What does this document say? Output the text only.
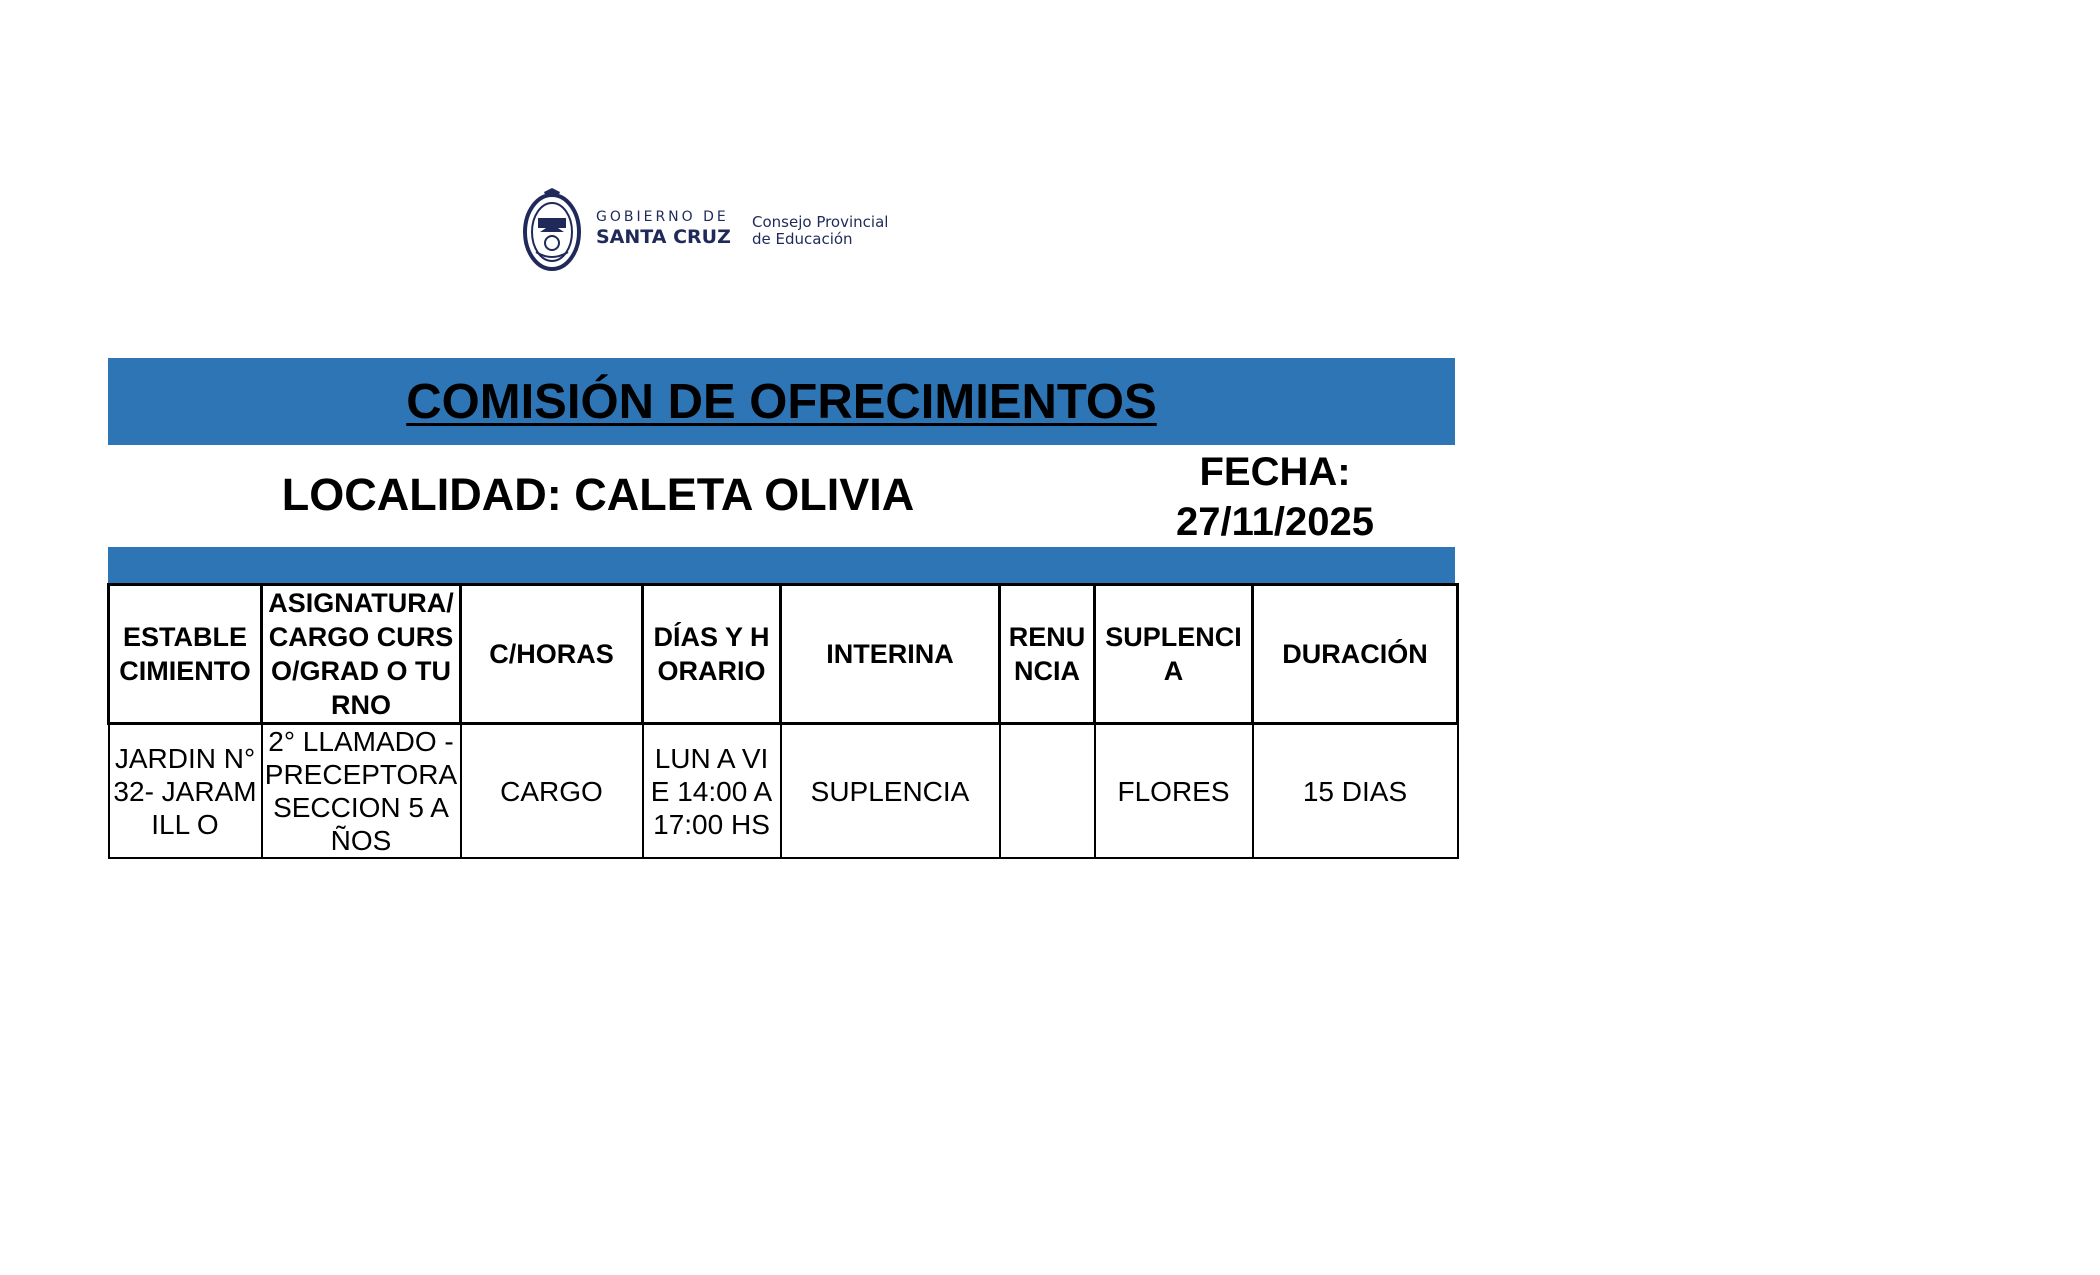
GOBIERNO DE
SANTA CRUZ
Consejo Provincial
de Educación
COMISIÓN DE OFRECIMIENTOS
LOCALIDAD: CALETA OLIVIA	FECHA:
27/11/2025
ESTABLE CIMIENTO	ASIGNATURA/ CARGO CURSO/GRAD O TURNO	C/HORAS	DÍAS Y HORARIO	INTERINA	RENU NCIA	SUPLENCI A	DURACIÓN
JARDIN N° 32- JARAMILL O	2° LLAMADO - PRECEPTORA SECCION 5 AÑOS	CARGO	LUN A VIE 14:00 A 17:00 HS	SUPLENCIA		FLORES	15 DIAS
